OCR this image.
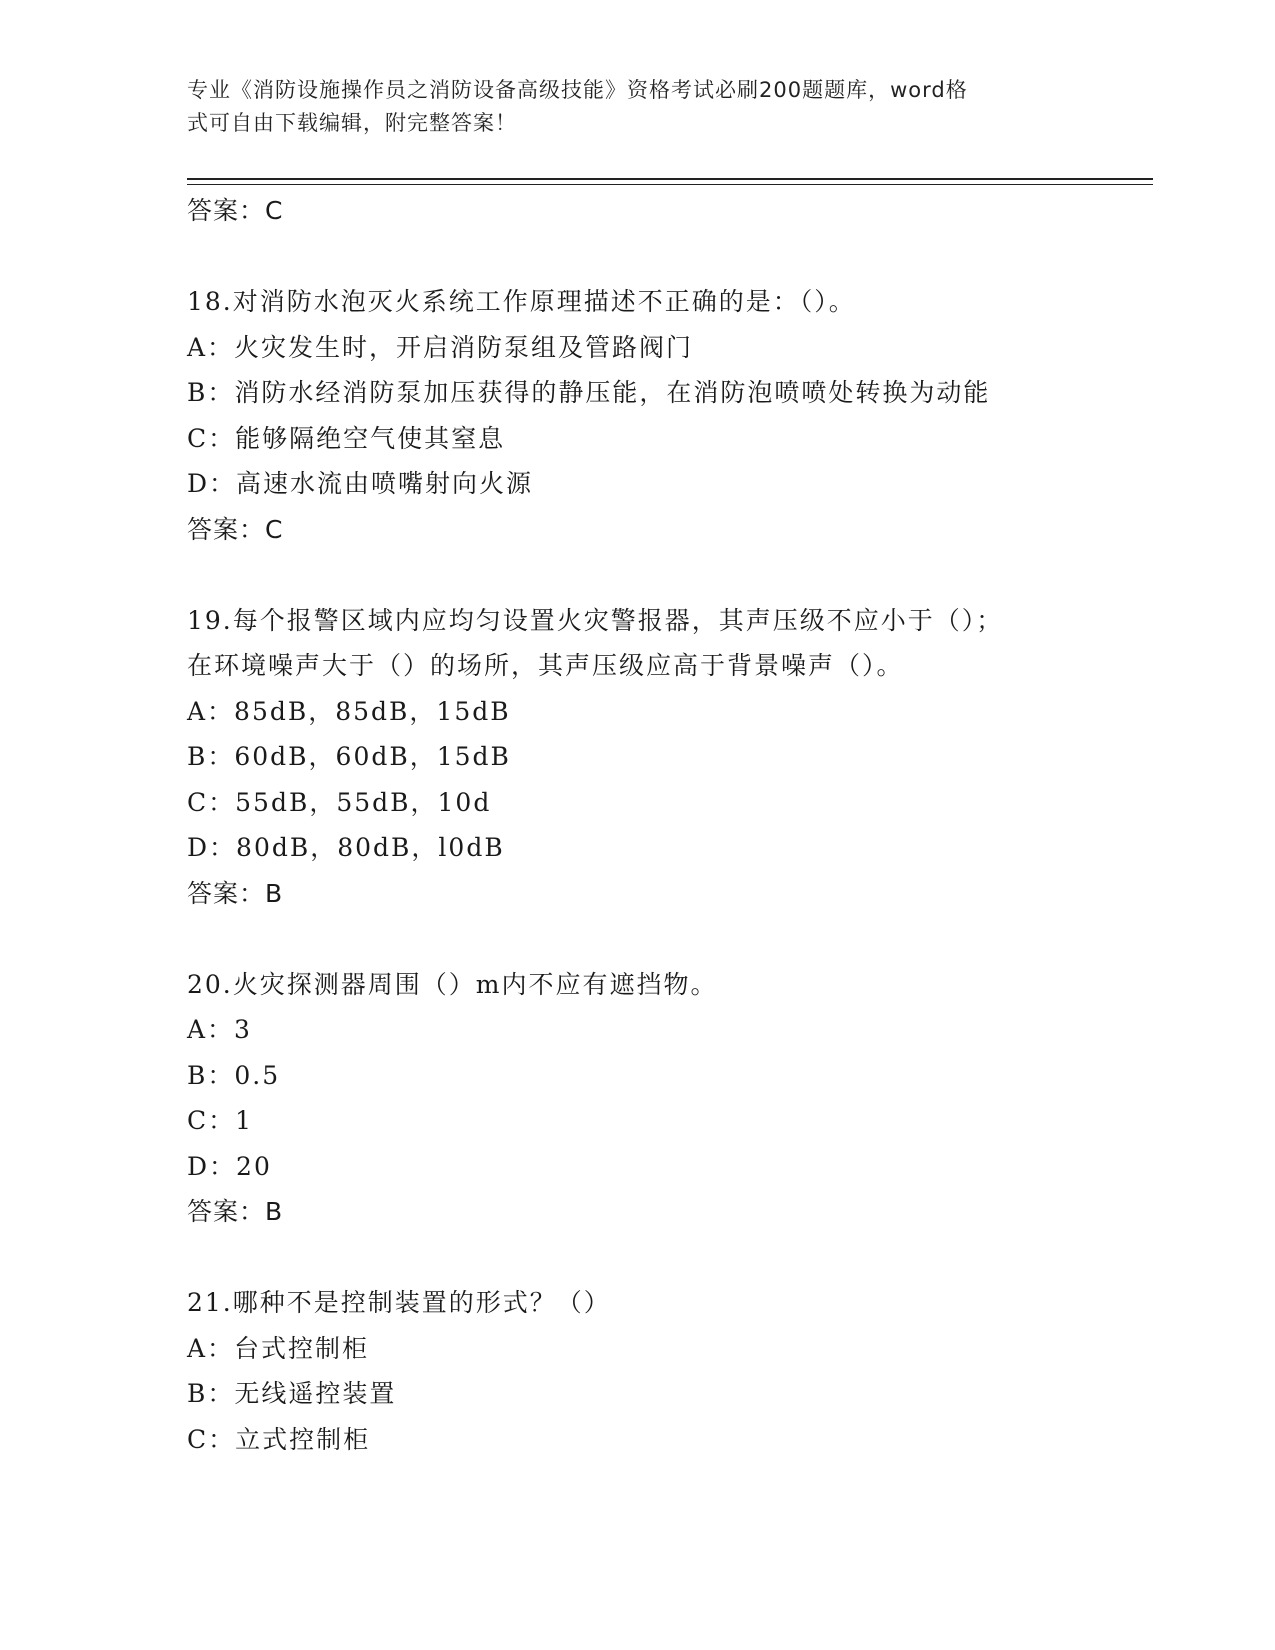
专业《消防设施操作员之消防设备高级技能》资格考试必刷200题题库，word格
式可自由下载编辑，附完整答案！
答案：C
18.对消防水泡灭火系统工作原理描述不正确的是：（）。
A：火灾发生时，开启消防泵组及管路阀门
B：消防水经消防泵加压获得的静压能，在消防泡喷喷处转换为动能
C：能够隔绝空气使其窒息
D：高速水流由喷嘴射向火源
答案：C
19.每个报警区域内应均匀设置火灾警报器，其声压级不应小于（）；
在环境噪声大于（）的场所，其声压级应高于背景噪声（）。
A：85dB，85dB，15dB
B：60dB，60dB，15dB
C：55dB，55dB，10d
D：80dB，80dB，l0dB
答案：B
20.火灾探测器周围（）m内不应有遮挡物。
A：3
B：0.5
C：1
D：20
答案：B
21.哪种不是控制装置的形式？（）
A：台式控制柜
B：无线遥控装置
C：立式控制柜
